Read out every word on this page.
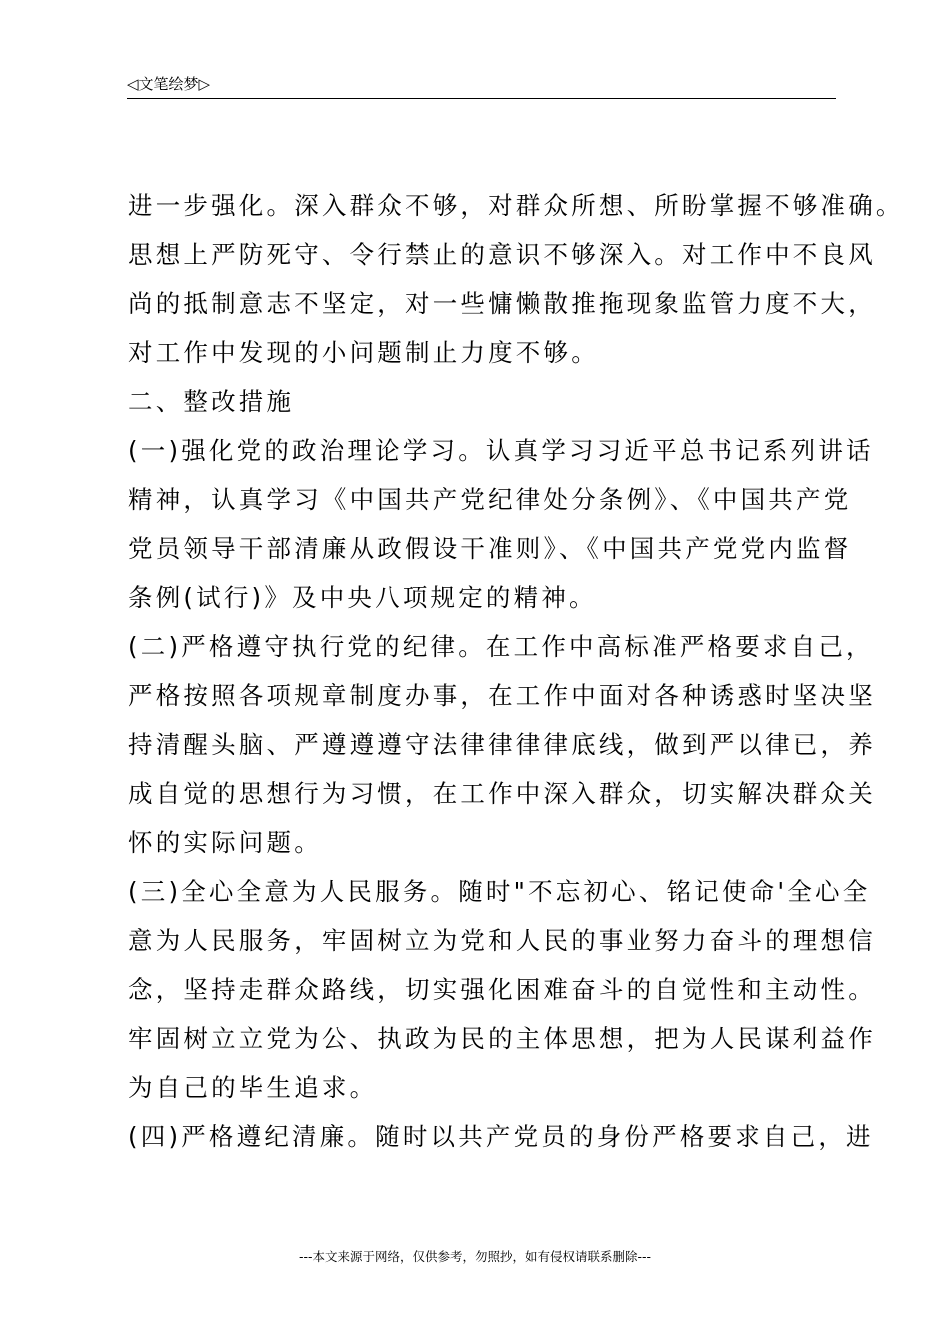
◁文笔绘梦▷
进一步强化。深入群众不够，对群众所想、所盼掌握不够准确。
思想上严防死守、令行禁止的意识不够深入。对工作中不良风
尚的抵制意志不坚定，对一些慵懒散推拖现象监管力度不大，
对工作中发现的小问题制止力度不够。
二、整改措施
(一)强化党的政治理论学习。认真学习习近平总书记系列讲话
精神，认真学习《中国共产党纪律处分条例》、《中国共产党
党员领导干部清廉从政假设干准则》、《中国共产党党内监督
条例(试行)》及中央八项规定的精神。
(二)严格遵守执行党的纪律。在工作中高标准严格要求自己，
严格按照各项规章制度办事，在工作中面对各种诱惑时坚决坚
持清醒头脑、严遵遵遵守法律律律律底线，做到严以律已，养
成自觉的思想行为习惯，在工作中深入群众，切实解决群众关
怀的实际问题。
(三)全心全意为人民服务。随时"不忘初心、铭记使命'全心全
意为人民服务，牢固树立为党和人民的事业努力奋斗的理想信
念，坚持走群众路线，切实强化困难奋斗的自觉性和主动性。
牢固树立立党为公、执政为民的主体思想，把为人民谋利益作
为自己的毕生追求。
(四)严格遵纪清廉。随时以共产党员的身份严格要求自己，进
---本文来源于网络，仅供参考，勿照抄，如有侵权请联系删除---
